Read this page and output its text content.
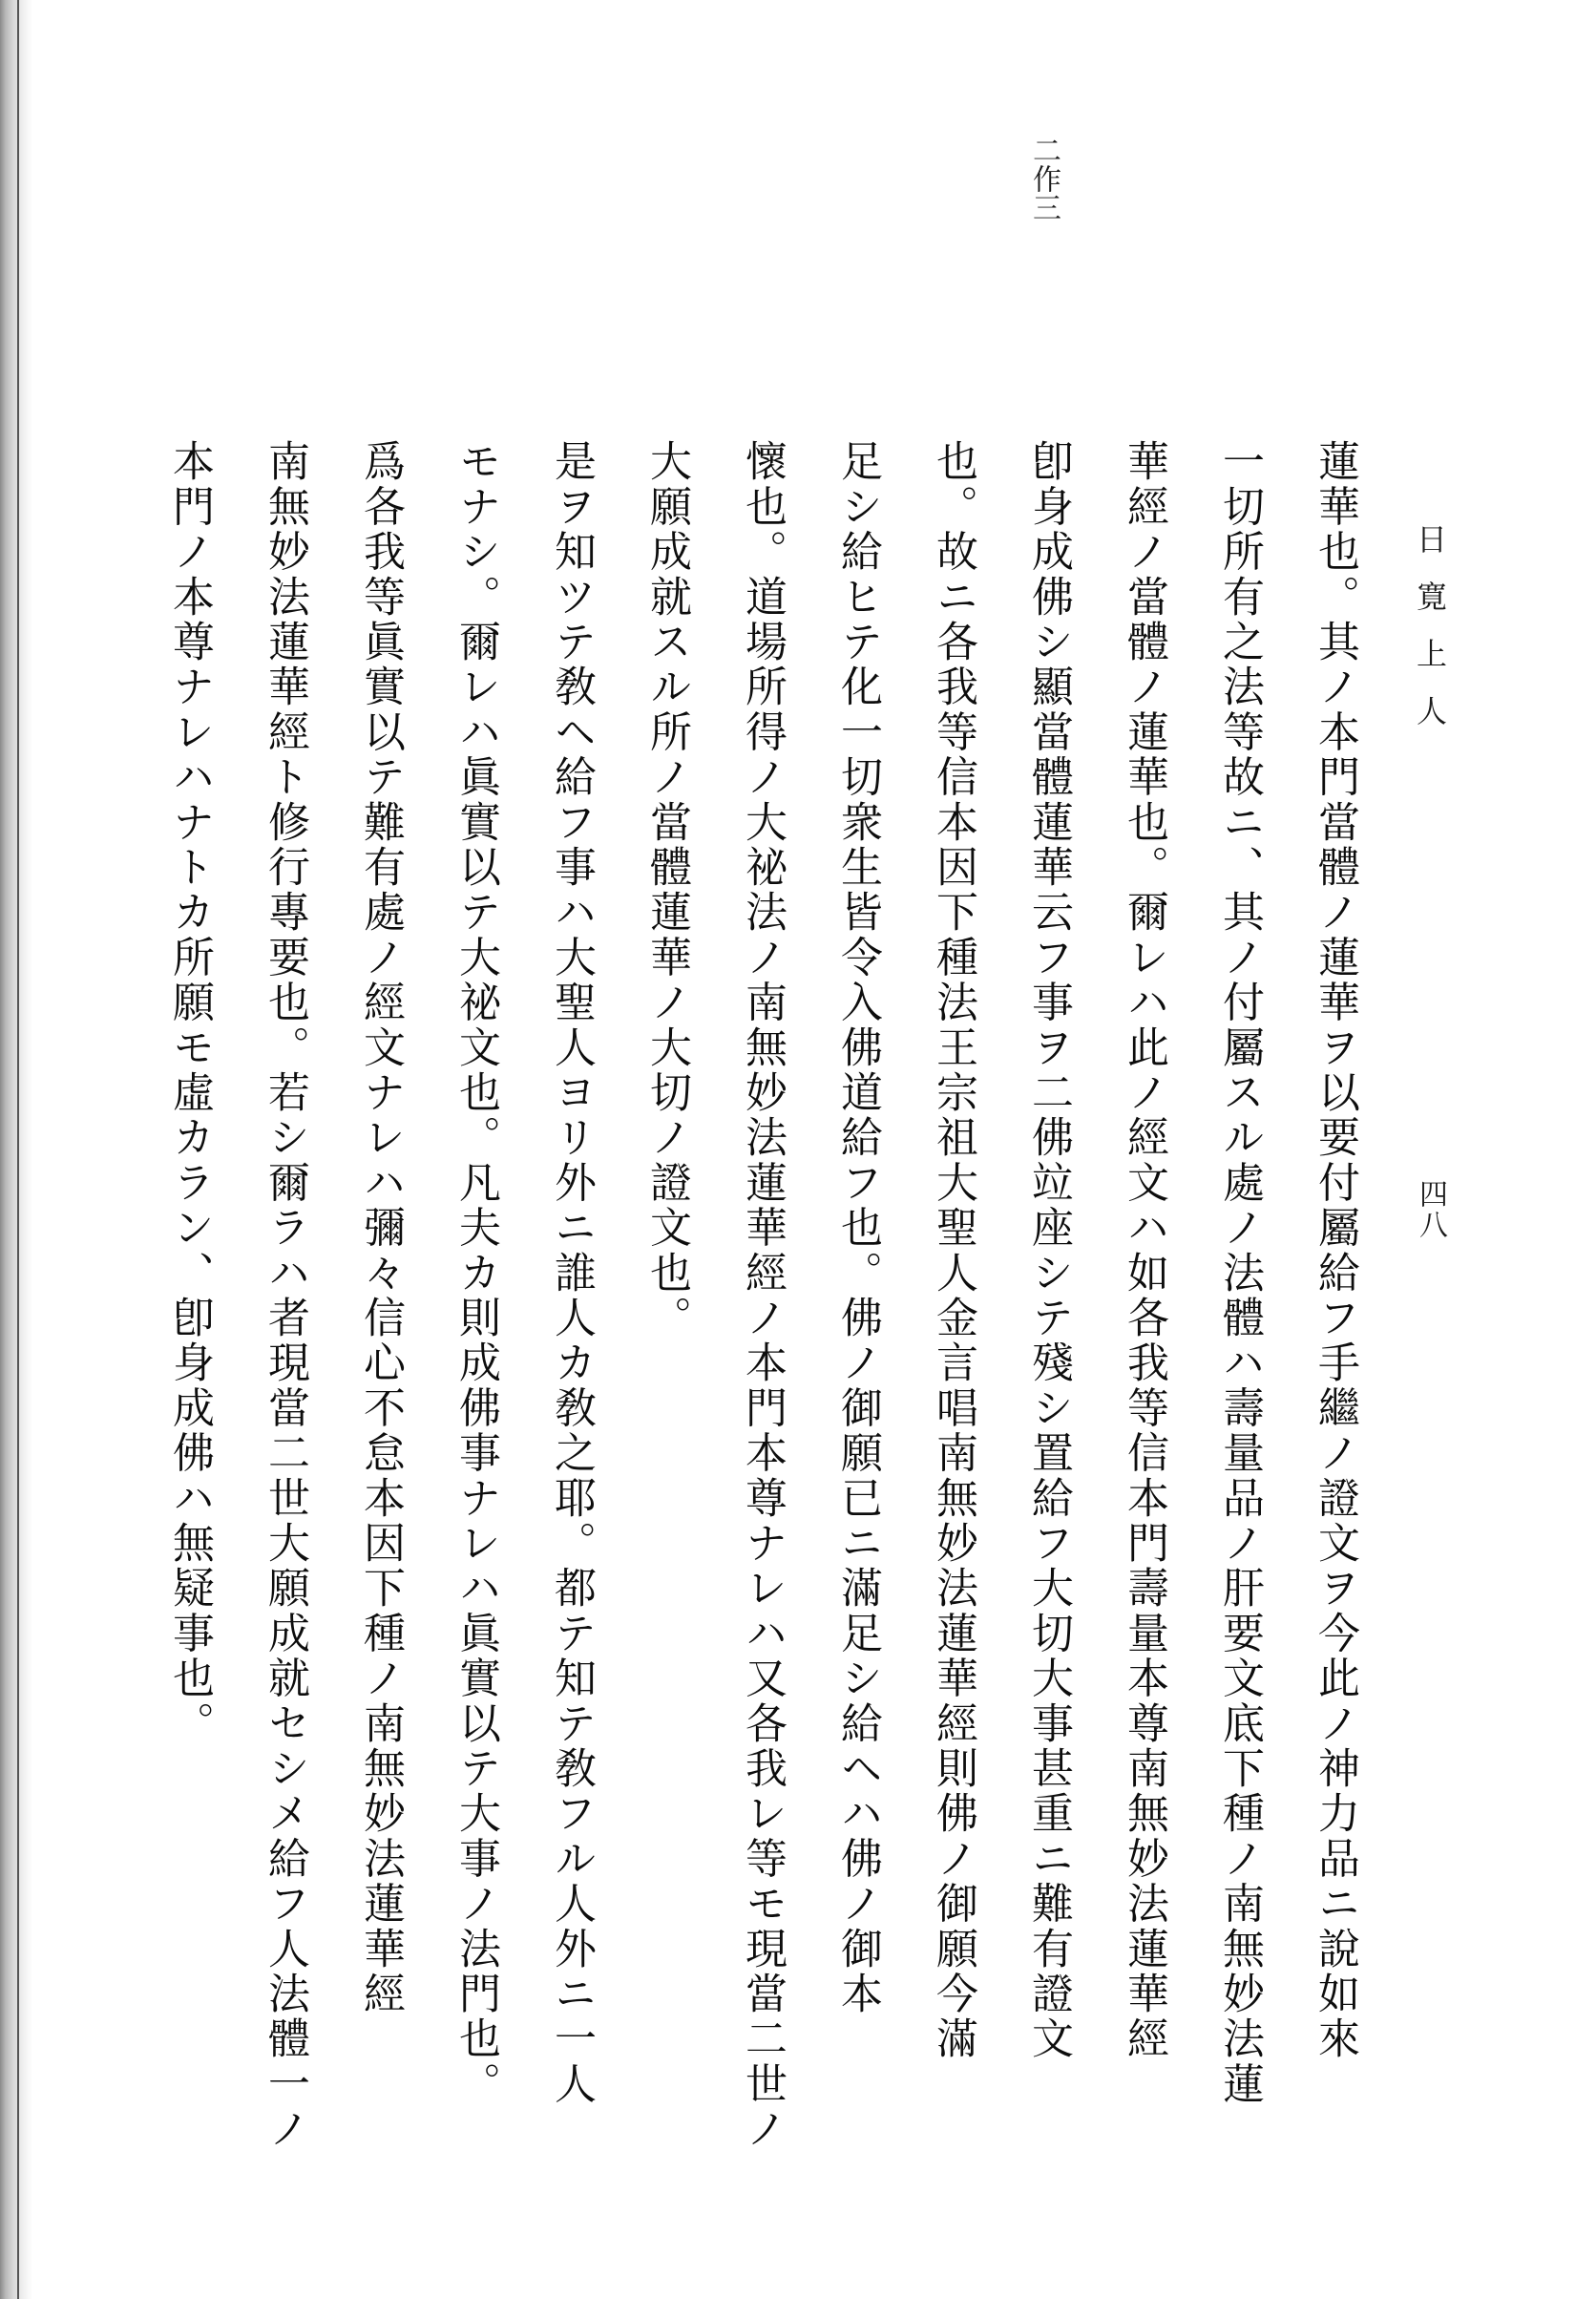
二作三
日寛上人
四八
蓮華也。其ノ本門當體ノ蓮華ヲ以要付屬給フ手繼ノ證文ヲ今此ノ神力品ニ說如來
一切所有之法等故ニ、其ノ付屬スル處ノ法體ハ壽量品ノ肝要文底下種ノ南無妙法蓮
華經ノ當體ノ蓮華也。爾レハ此ノ經文ハ如各我等信本門壽量本尊南無妙法蓮華經
卽身成佛シ顯當體蓮華云フ事ヲ二佛竝座シテ殘シ置給フ大切大事甚重ニ難有證文
也。故ニ各我等信本因下種法王宗祖大聖人金言唱南無妙法蓮華經則佛ノ御願今滿
足シ給ヒテ化一切衆生皆令入佛道給フ也。佛ノ御願已ニ滿足シ給ヘハ佛ノ御本
懷也。道場所得ノ大祕法ノ南無妙法蓮華經ノ本門本尊ナレハ又各我レ等モ現當二世ノ
大願成就スル所ノ當體蓮華ノ大切ノ證文也。
是ヲ知ツテ敎ヘ給フ事ハ大聖人ヨリ外ニ誰人カ敎之耶。都テ知テ敎フル人外ニ一人
モナシ。爾レハ眞實以テ大祕文也。凡夫カ則成佛事ナレハ眞實以テ大事ノ法門也。
爲各我等眞實以テ難有處ノ經文ナレハ彌々信心不怠本因下種ノ南無妙法蓮華經
南無妙法蓮華經ト修行專要也。若シ爾ラハ者現當二世大願成就セシメ給フ人法體一ノ
本門ノ本尊ナレハナトカ所願モ虛カラン、卽身成佛ハ無疑事也。
